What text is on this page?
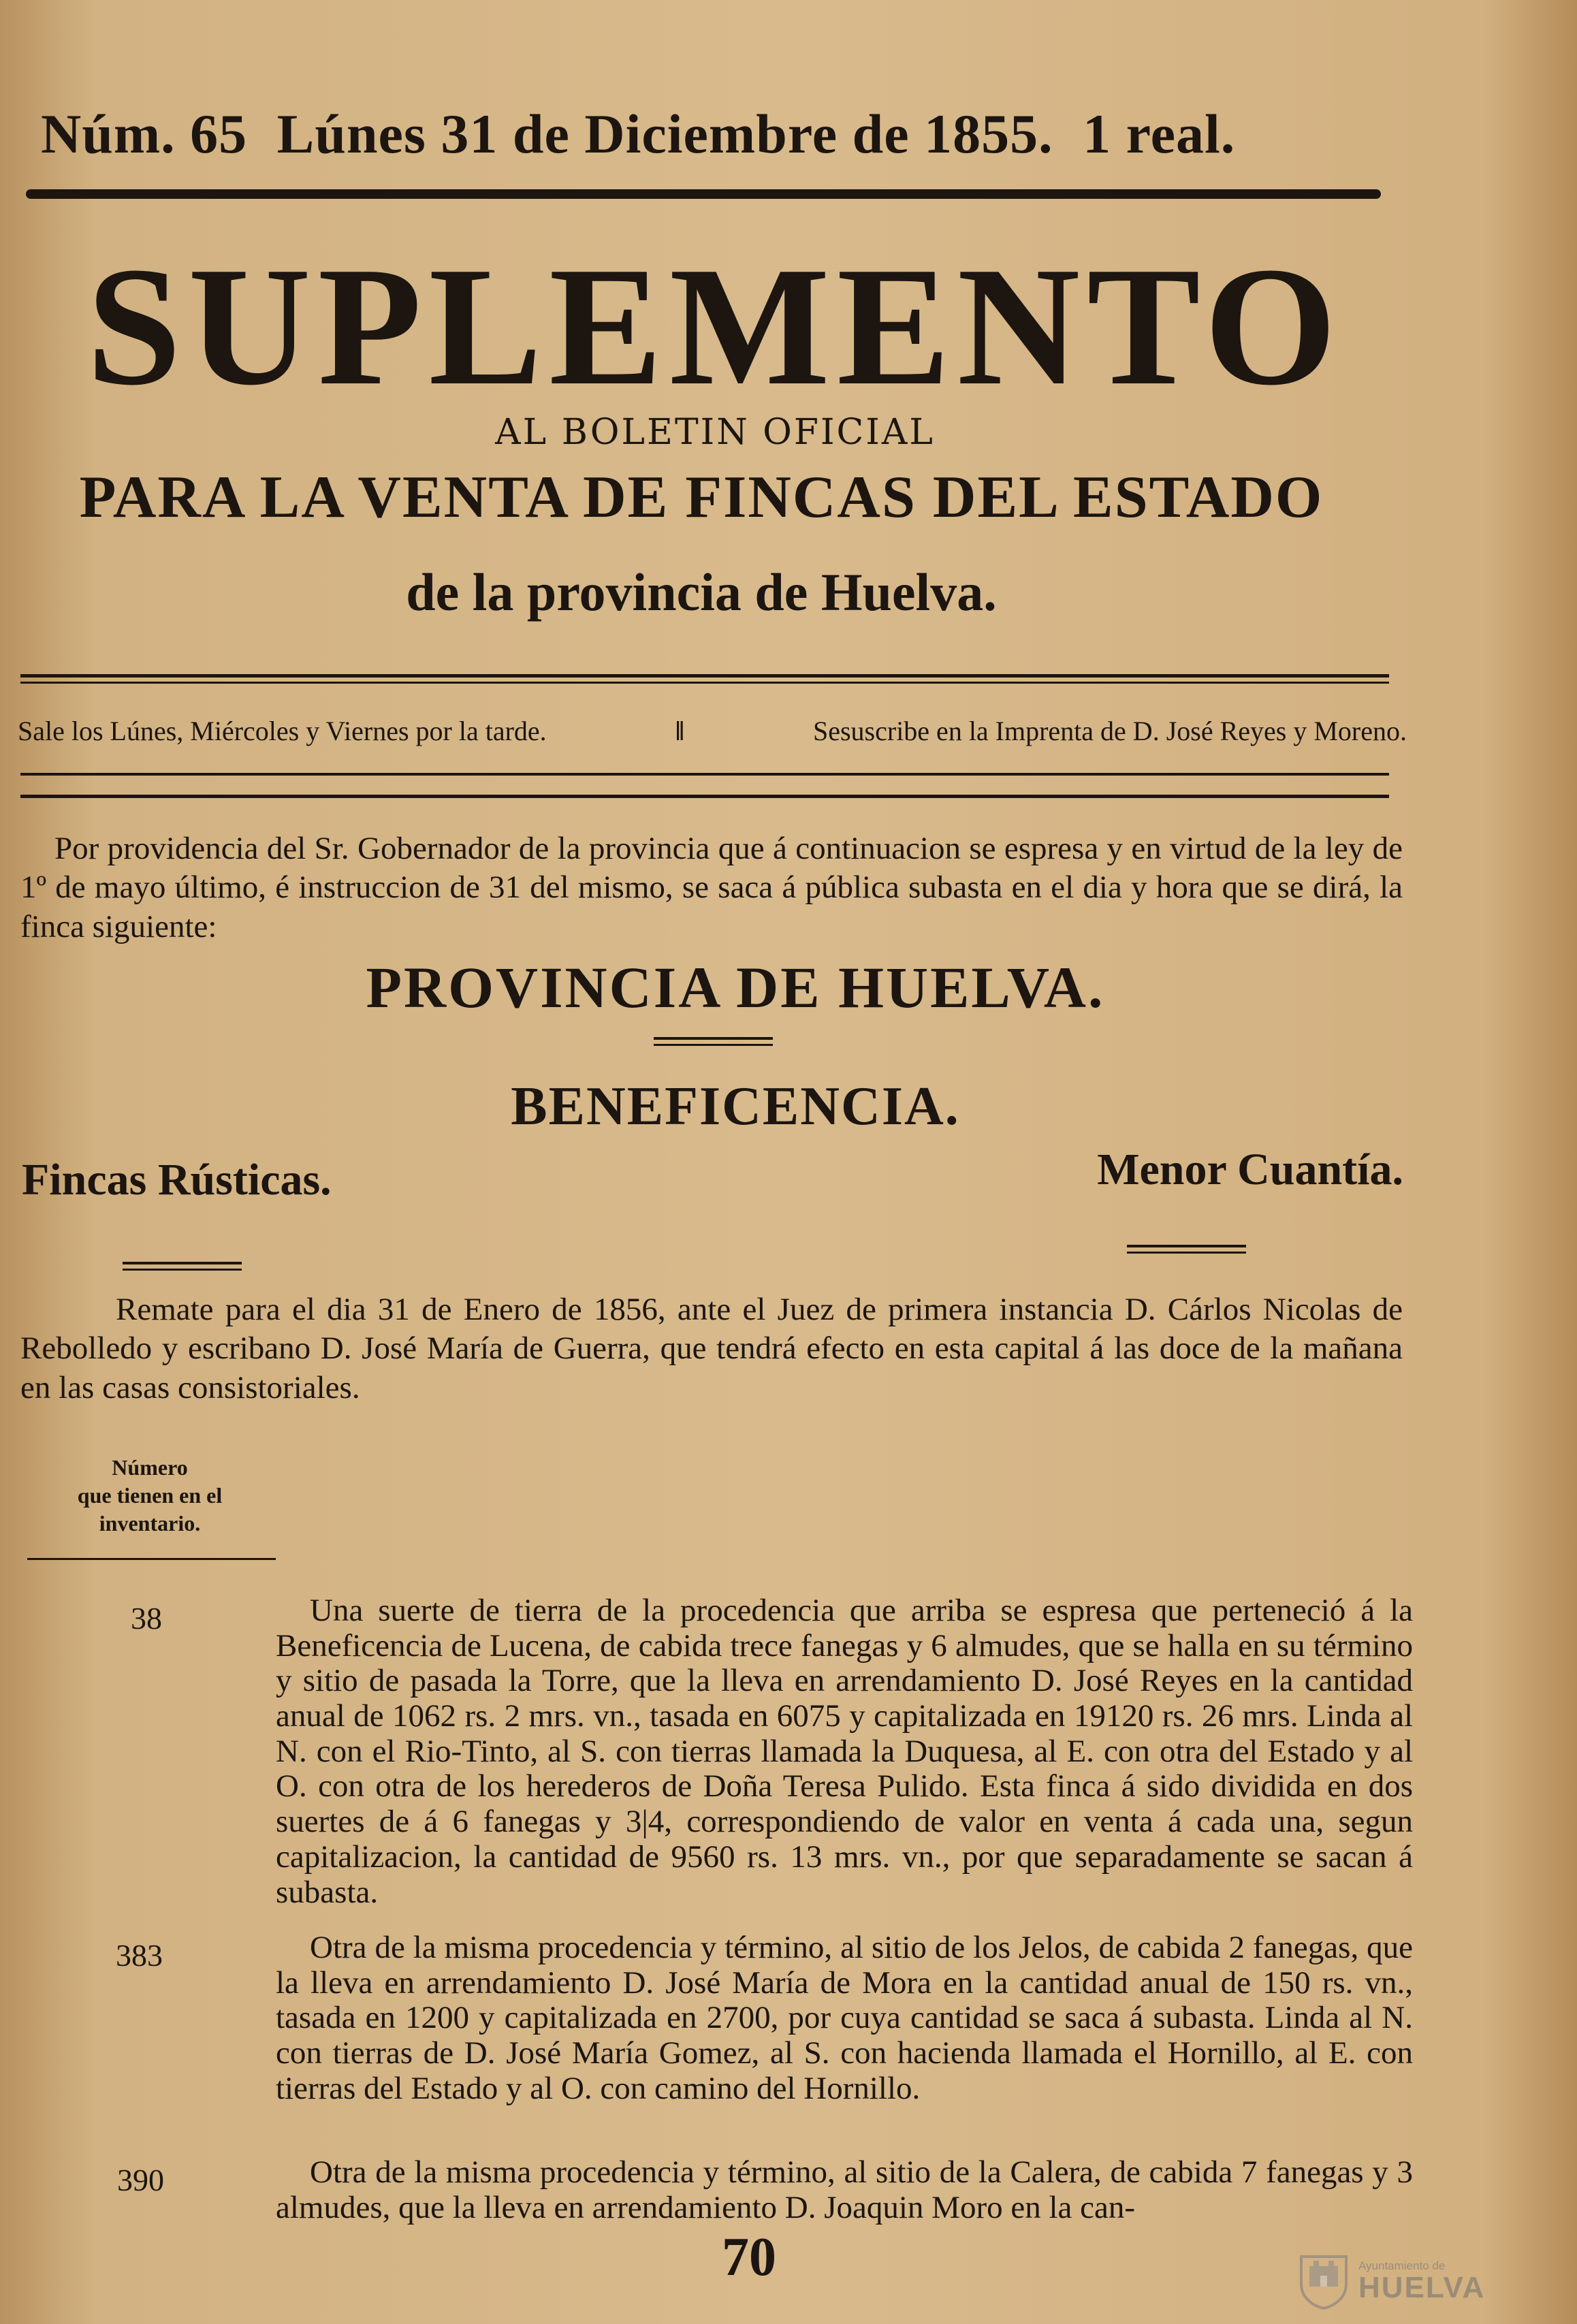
Núm. 65 Lúnes 31 de Diciembre de 1855. 1 real.
SUPLEMENTO
AL BOLETIN OFICIAL
PARA LA VENTA DE FINCAS DEL ESTADO
de la provincia de Huelva.
Sale los Lúnes, Miércoles y Viernes por la tarde.	‖	Sesuscribe en la Imprenta de D. José Reyes y Moreno.
Por providencia del Sr. Gobernador de la provincia que á continuacion se espresa y en virtud de la ley de 1º de mayo último, é instruccion de 31 del mismo, se saca á pública subasta en el dia y hora que se dirá, la finca siguiente:
PROVINCIA DE HUELVA.
BENEFICENCIA.
Fincas Rústicas.	Menor Cuantía.
Remate para el dia 31 de Enero de 1856, ante el Juez de primera instancia D. Cárlos Nicolas de Rebolledo y escribano D. José María de Guerra, que tendrá efecto en esta capital á las doce de la mañana en las casas consistoriales.
Número
que tienen en el
inventario.
38	Una suerte de tierra de la procedencia que arriba se espresa que perteneció á la Beneficencia de Lucena, de cabida trece fanegas y 6 almudes, que se halla en su término y sitio de pasada la Torre, que la lleva en arrendamiento D. José Reyes en la cantidad anual de 1062 rs. 2 mrs. vn., tasada en 6075 y capitalizada en 19120 rs. 26 mrs. Linda al N. con el Rio-Tinto, al S. con tierras llamada la Duquesa, al E. con otra del Estado y al O. con otra de los herederos de Doña Teresa Pulido. Esta finca á sido dividida en dos suertes de á 6 fanegas y 3|4, correspondiendo de valor en venta á cada una, segun capitalizacion, la cantidad de 9560 rs. 13 mrs. vn., por que separadamente se sacan á subasta.
383	Otra de la misma procedencia y término, al sitio de los Jelos, de cabida 2 fanegas, que la lleva en arrendamiento D. José María de Mora en la cantidad anual de 150 rs. vn., tasada en 1200 y capitalizada en 2700, por cuya cantidad se saca á subasta. Linda al N. con tierras de D. José María Gomez, al S. con hacienda llamada el Hornillo, al E. con tierras del Estado y al O. con camino del Hornillo.
390	Otra de la misma procedencia y término, al sitio de la Calera, de cabida 7 fanegas y 3 almudes, que la lleva en arrendamiento D. Joaquin Moro en la can-
70	Ayuntamiento de
HUELVA
